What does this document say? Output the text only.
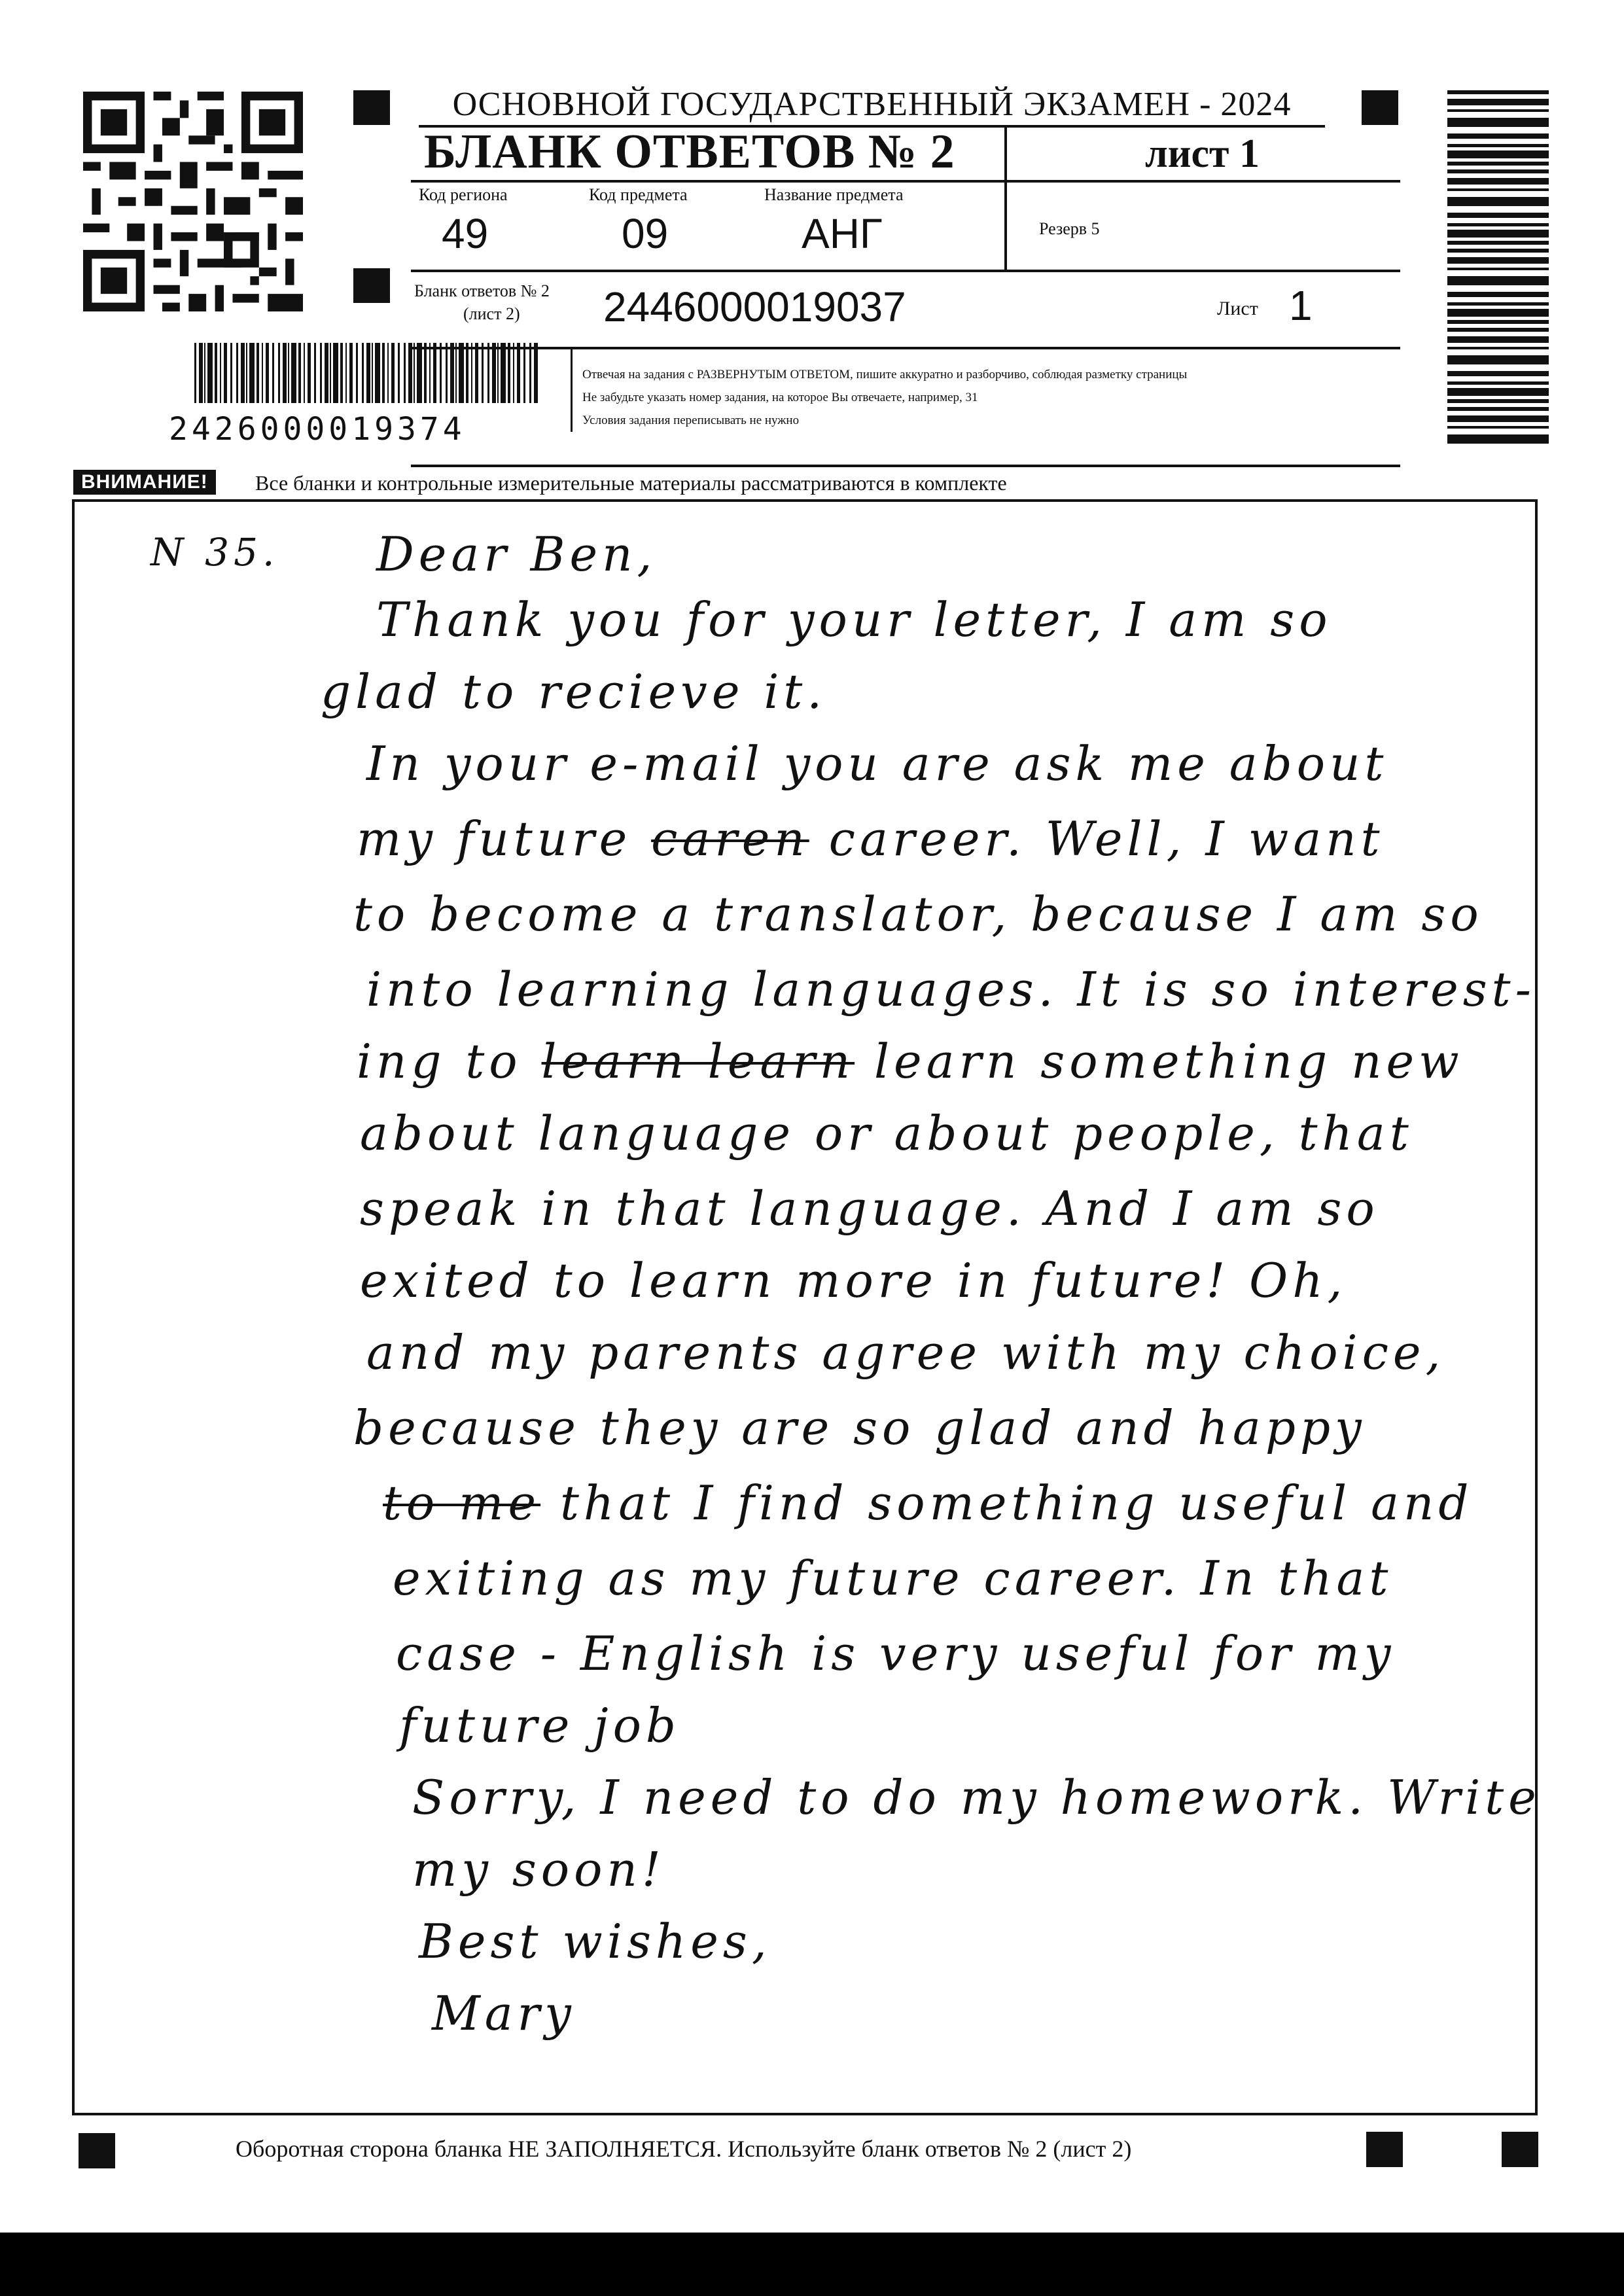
2426000019374
ОСНОВНОЙ ГОСУДАРСТВЕННЫЙ ЭКЗАМЕН - 2024
БЛАНК ОТВЕТОВ № 2	лист 1
Код региона
49
Код предмета
09
Название предмета
АНГ	Резерв 5
Бланк ответов № 2
(лист 2) 2446000019037	Лист 1
Отвечая на задания с РАЗВЕРНУТЫМ ОТВЕТОМ, пишите аккуратно и разборчиво, соблюдая разметку страницы
Не забудьте указать номер задания, на которое Вы отвечаете, например, 31
Условия задания переписывать не нужно
ВНИМАНИЕ!	Все бланки и контрольные измерительные материалы рассматриваются в комплекте
N 35. Dear Ben,
Thank you for your letter, I am so
glad to recieve it.
In your e-mail you are ask me about
my future caren career. Well, I want
to become a translator, because I am so
into learning languages. It is so interest-
ing to learn learn learn something new
about language or about people, that
speak in that language. And I am so
exited to learn more in future! Oh,
and my parents agree with my choice,
because they are so glad and happy
to me that I find something useful and
exiting as my future career. In that
case - English is very useful for my
future job
Sorry, I need to do my homework. Write
my soon!
Best wishes,
Mary
Оборотная сторона бланка НЕ ЗАПОЛНЯЕТСЯ. Используйте бланк ответов № 2 (лист 2)
